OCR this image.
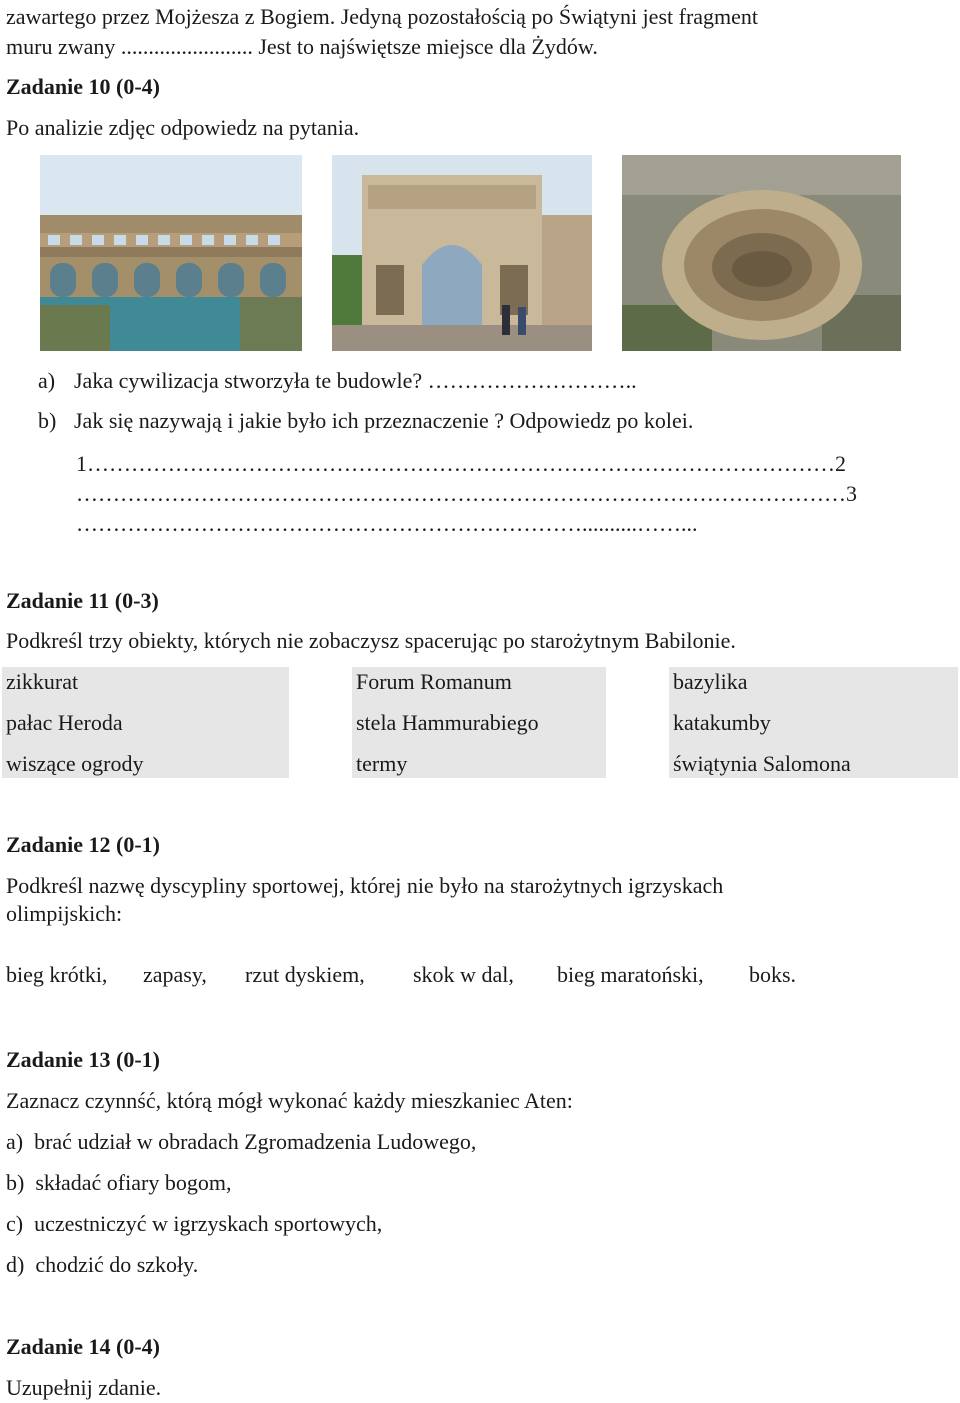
zawartego przez Mojżesza z Bogiem. Jedyną pozostałością po Świątyni jest fragment
muru zwany ........................ Jest to najświętsze miejsce dla Żydów.
Zadanie 10 (0-4)
Po analizie zdjęc odpowiedz na pytania.
a) Jaka cywilizacja stworzyła te budowle? ………………………..
b) Jak się nazywają i jakie było ich przeznaczenie ? Odpowiedz po kolei.
1…………………………………………………………………………………………2
……………………………………………………………………………………………3
……………………………………………………………..........……...
Zadanie 11 (0-3)
Podkreśl trzy obiekty, których nie zobaczysz spacerując po starożytnym Babilonie.
zikkurat
pałac Heroda
wiszące ogrody
Forum Romanum
stela Hammurabiego
termy
bazylika
katakumby
świątynia Salomona
Zadanie 12 (0-1)
Podkreśl nazwę dyscypliny sportowej, której nie było na starożytnych igrzyskach
olimpijskich:
bieg krótki, zapasy, rzut dyskiem, skok w dal, bieg maratoński, boks.
Zadanie 13 (0-1)
Zaznacz czynnść, którą mógł wykonać każdy mieszkaniec Aten:
a) brać udział w obradach Zgromadzenia Ludowego,
b) składać ofiary bogom,
c) uczestniczyć w igrzyskach sportowych,
d) chodzić do szkoły.
Zadanie 14 (0-4)
Uzupełnij zdanie.
